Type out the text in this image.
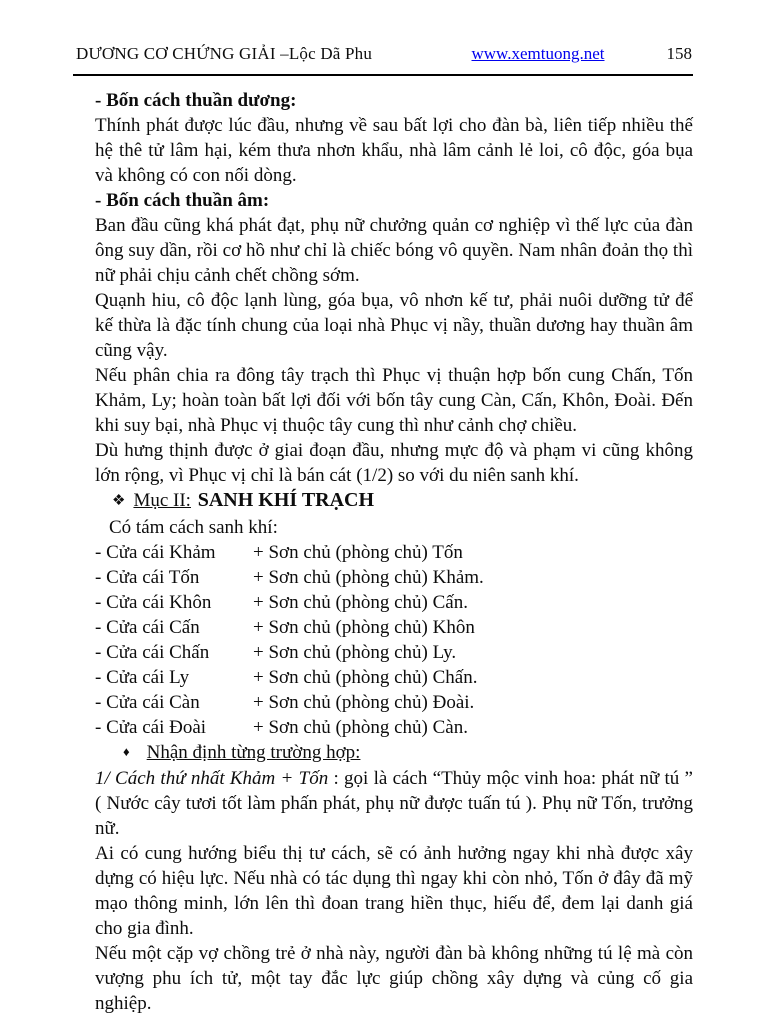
DƯƠNG CƠ CHỨNG GIẢI –Lộc Dã Phu	www.xemtuong.net	158
- Bốn cách thuần dương:
Thính phát được lúc đầu, nhưng về sau bất lợi cho đàn bà, liên tiếp nhiều thế hệ thê tử lâm hại, kém thưa nhơn khẩu, nhà lâm cảnh lẻ loi, cô độc, góa bụa và không có con nối dòng.
- Bốn cách thuần âm:
Ban đầu cũng khá phát đạt, phụ nữ chưởng quản cơ nghiệp vì thế lực của đàn ông suy dần, rồi cơ hồ như chỉ là chiếc bóng vô quyền. Nam nhân đoản thọ thì nữ phải chịu cảnh chết chồng sớm.
Quạnh hiu, cô độc lạnh lùng, góa bụa, vô nhơn kế tư, phải nuôi dưỡng tử để kế thừa là đặc tính chung của loại nhà Phục vị nầy, thuần dương hay thuần âm cũng vậy.
Nếu phân chia ra đông tây trạch thì Phục vị thuận hợp bốn cung Chấn, Tốn Khảm, Ly; hoàn toàn bất lợi đối với bốn tây cung Càn, Cấn, Khôn, Đoài. Đến khi suy bại, nhà Phục vị thuộc tây cung thì như cảnh chợ chiều.
Dù hưng thịnh được ở giai đoạn đầu, nhưng mực độ và phạm vi cũng không lớn rộng, vì Phục vị chỉ là bán cát (1/2) so với du niên sanh khí.
❖ Mục II: SANH KHÍ TRẠCH
Có tám cách sanh khí:
- Cửa cái Khảm	+ Sơn chủ (phòng chủ) Tốn
- Cửa cái Tốn	+ Sơn chủ (phòng chủ) Khảm.
- Cửa cái Khôn	+ Sơn chủ (phòng chủ) Cấn.
- Cửa cái Cấn	+ Sơn chủ (phòng chủ) Khôn
- Cửa cái Chấn	+ Sơn chủ (phòng chủ) Ly.
- Cửa cái Ly	+ Sơn chủ (phòng chủ) Chấn.
- Cửa cái Càn	+ Sơn chủ (phòng chủ) Đoài.
- Cửa cái Đoài	+ Sơn chủ (phòng chủ) Càn.
♦ Nhận định từng trường hợp:
1/ Cách thứ nhất Khảm + Tốn : gọi là cách “Thủy mộc vinh hoa: phát nữ tú ” ( Nước cây tươi tốt làm phấn phát, phụ nữ được tuấn tú ). Phụ nữ Tốn, trưởng nữ.
Ai có cung hướng biểu thị tư cách, sẽ có ảnh hưởng ngay khi nhà được xây dựng có hiệu lực. Nếu nhà có tác dụng thì ngay khi còn nhỏ, Tốn ở đây đã mỹ mạo thông minh, lớn lên thì đoan trang hiền thục, hiếu để, đem lại danh giá cho gia đình.
Nếu một cặp vợ chồng trẻ ở nhà này, người đàn bà không những tú lệ mà còn vượng phu ích tử, một tay đắc lực giúp chồng xây dựng và củng cố gia nghiệp.
